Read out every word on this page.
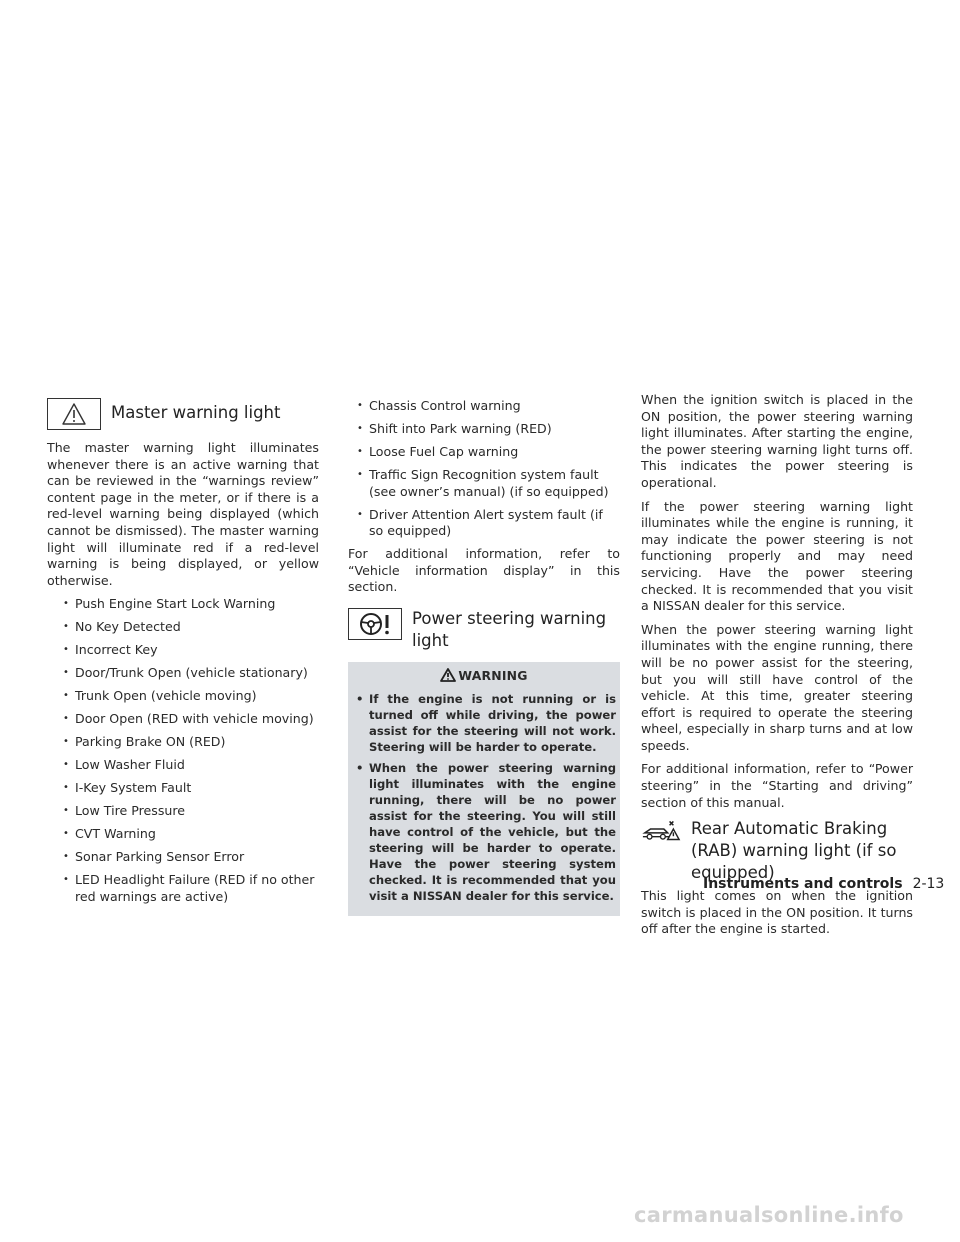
Master warning light

The master warning light illuminates whenever there is an active warning that can be reviewed in the “warnings review” content page in the meter, or if there is a red-level warning being displayed (which cannot be dismissed). The master warning light will illuminate red if a red-level warning is being displayed, or yellow otherwise.

• Push Engine Start Lock Warning
• No Key Detected
• Incorrect Key
• Door/Trunk Open (vehicle stationary)
• Trunk Open (vehicle moving)
• Door Open (RED with vehicle moving)
• Parking Brake ON (RED)
• Low Washer Fluid
• I-Key System Fault
• Low Tire Pressure
• CVT Warning
• Sonar Parking Sensor Error
• LED Headlight Failure (RED if no other red warnings are active)
• Chassis Control warning
• Shift into Park warning (RED)
• Loose Fuel Cap warning
• Traffic Sign Recognition system fault (see owner’s manual) (if so equipped)
• Driver Attention Alert system fault (if so equipped)

For additional information, refer to “Vehicle information display” in this section.

Power steering warning light
WARNING
• If the engine is not running or is turned off while driving, the power assist for the steering will not work. Steering will be harder to operate.
• When the power steering warning light illuminates with the engine running, there will be no power assist for the steering. You will still have control of the vehicle, but the steering will be harder to operate. Have the power steering system checked. It is recommended that you visit a NISSAN dealer for this service.

When the ignition switch is placed in the ON position, the power steering warning light illuminates. After starting the engine, the power steering warning light turns off. This indicates the power steering is operational.

If the power steering warning light illuminates while the engine is running, it may indicate the power steering is not functioning properly and may need servicing. Have the power steering checked. It is recommended that you visit a NISSAN dealer for this service.

When the power steering warning light illuminates with the engine running, there will be no power assist for the steering, but you will still have control of the vehicle. At this time, greater steering effort is required to operate the steering wheel, especially in sharp turns and at low speeds.

For additional information, refer to “Power steering” in the “Starting and driving” section of this manual.

Rear Automatic Braking (RAB) warning light (if so equipped)

This light comes on when the ignition switch is placed in the ON position. It turns off after the engine is started.

Instruments and controls 2-13
carmanualsonline.info
